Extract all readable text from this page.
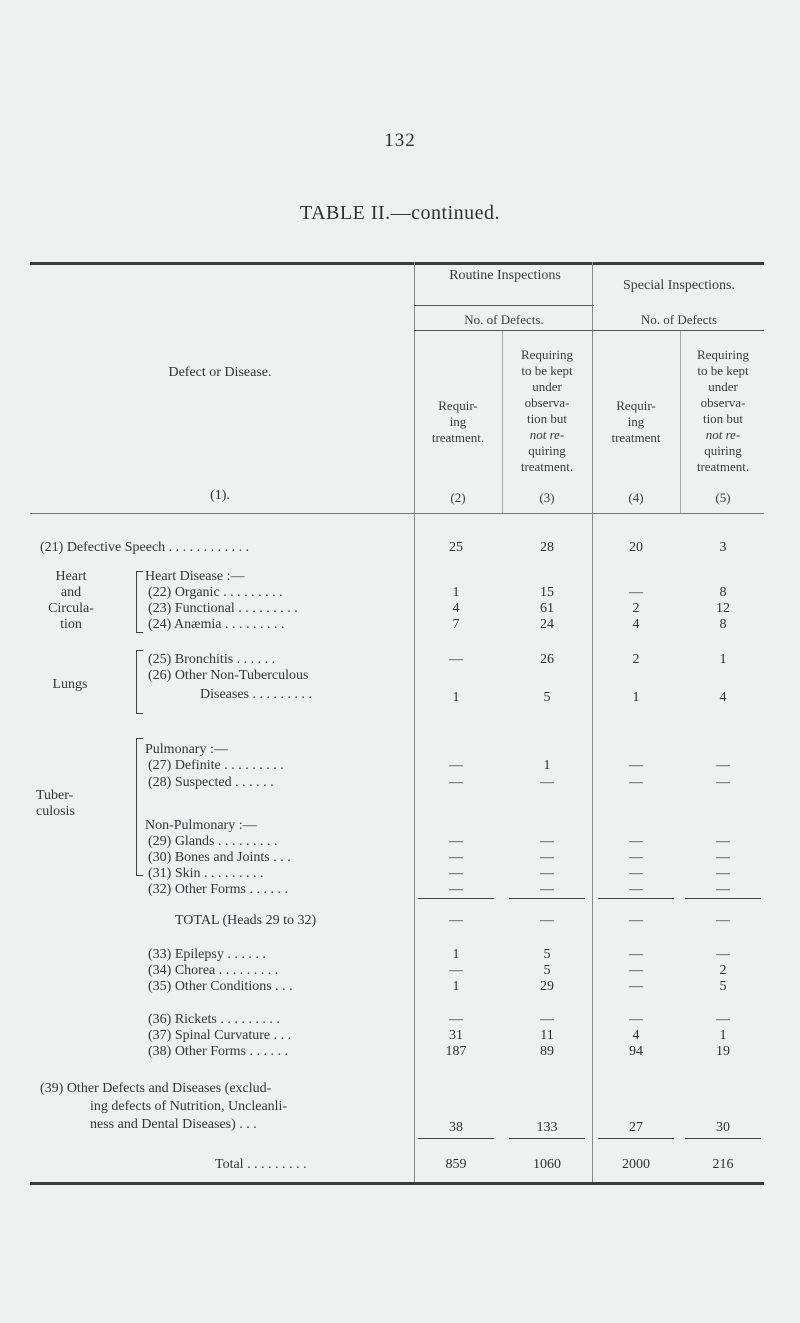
132
TABLE II.—continued.
Defect or Disease.
(1).
Routine Inspections
Special Inspections.
No. of Defects.	No. of Defects
Requir-
ing
treatment.
Requiring
to be kept
under
observa-
tion but
not re-
quiring
treatment.
Requir-
ing
treatment
Requiring
to be kept
under
observa-
tion but
not re-
quiring
treatment.
(2)	(3)	(4)	(5)
Heart
and
Circula-
tion
Lungs
Tuber-
culosis
Heart Disease :—
Pulmonary :—
Non-Pulmonary :—
(21) Defective Speech . . . . . . . . . . . .	25	28	20	3
(22) Organic . . . . . . . . .	1	15	—	8
(23) Functional . . . . . . . . .	4	61	2	12
(24) Anæmia . . . . . . . . .	7	24	4	8
(25) Bronchitis . . . . . .	—	26	2	1
(26) Other Non-Tuberculous
Diseases . . . . . . . . .	1	5	1	4
(27) Definite . . . . . . . . .	—	1	—	—
(28) Suspected . . . . . .	—	—	—	—
(29) Glands . . . . . . . . .	—	—	—	—
(30) Bones and Joints . . .	—	—	—	—
(31) Skin . . . . . . . . .	—	—	—	—
(32) Other Forms . . . . . .	—	—	—	—
TOTAL (Heads 29 to 32)	—	—	—	—
(33) Epilepsy . . . . . .	1	5	—	—
(34) Chorea . . . . . . . . .	—	5	—	2
(35) Other Conditions . . .	1	29	—	5
(36) Rickets . . . . . . . . .	—	—	—	—
(37) Spinal Curvature . . .	31	11	4	1
(38) Other Forms . . . . . .	187	89	94	19
(39) Other Defects and Diseases (exclud-
ing defects of Nutrition, Uncleanli-
ness and Dental Diseases) . . .	38	133	27	30
Total . . . . . . . . .	859	1060	2000	216
